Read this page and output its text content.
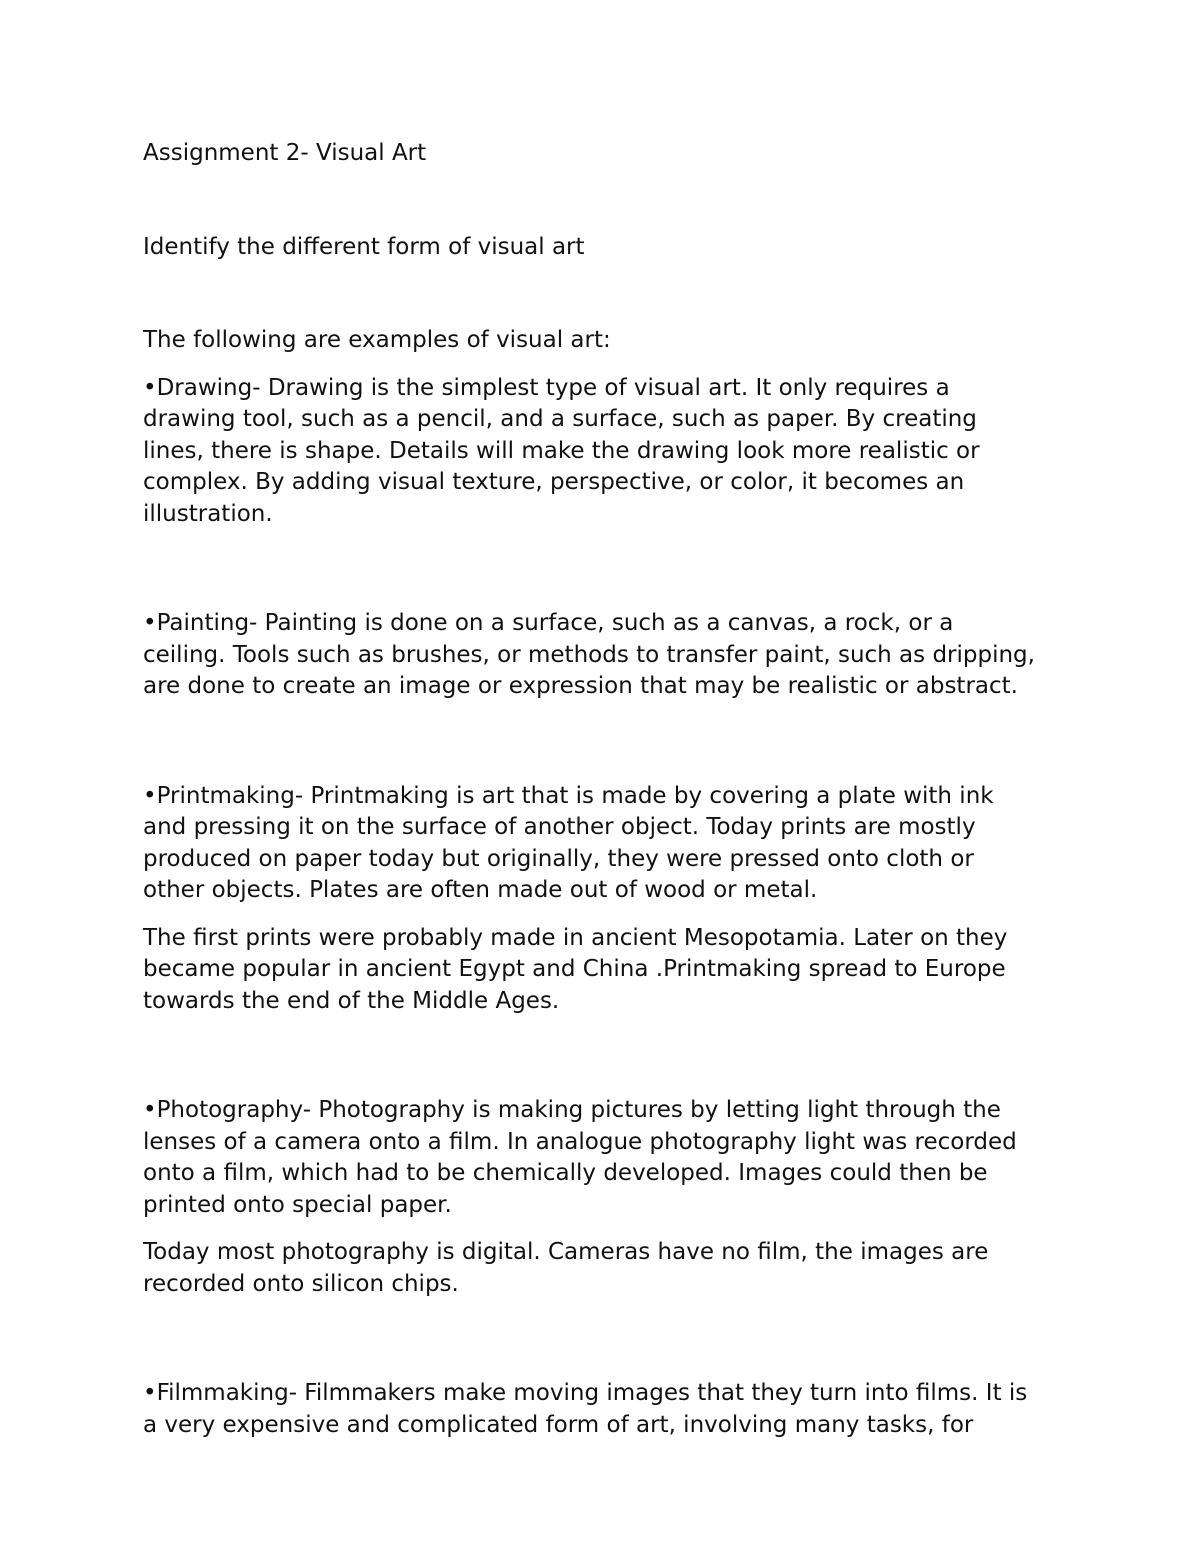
Assignment 2- Visual Art
Identify the different form of visual art
The following are examples of visual art:
•Drawing- Drawing is the simplest type of visual art. It only requires a
drawing tool, such as a pencil, and a surface, such as paper. By creating
lines, there is shape. Details will make the drawing look more realistic or
complex. By adding visual texture, perspective, or color, it becomes an
illustration.
•Painting- Painting is done on a surface, such as a canvas, a rock, or a
ceiling. Tools such as brushes, or methods to transfer paint, such as dripping,
are done to create an image or expression that may be realistic or abstract.
•Printmaking- Printmaking is art that is made by covering a plate with ink
and pressing it on the surface of another object. Today prints are mostly
produced on paper today but originally, they were pressed onto cloth or
other objects. Plates are often made out of wood or metal.
The first prints were probably made in ancient Mesopotamia. Later on they
became popular in ancient Egypt and China .Printmaking spread to Europe
towards the end of the Middle Ages.
•Photography- Photography is making pictures by letting light through the
lenses of a camera onto a film. In analogue photography light was recorded
onto a film, which had to be chemically developed. Images could then be
printed onto special paper.
Today most photography is digital. Cameras have no film, the images are
recorded onto silicon chips.
•Filmmaking- Filmmakers make moving images that they turn into films. It is
a very expensive and complicated form of art, involving many tasks, for
